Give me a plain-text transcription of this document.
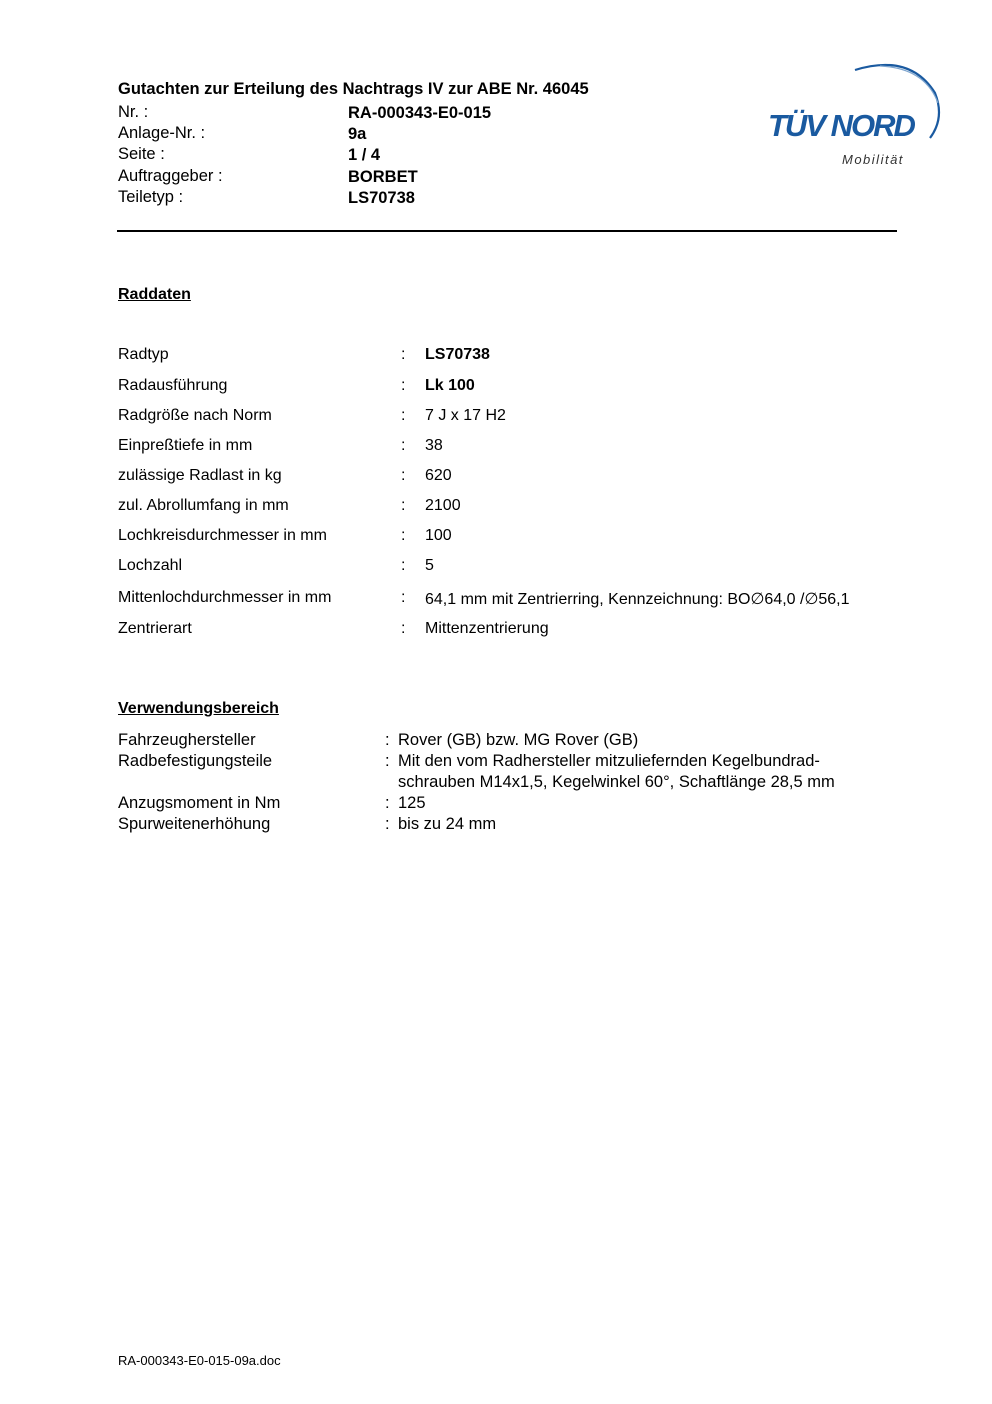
Gutachten zur Erteilung des Nachtrags IV zur ABE Nr. 46045
Nr. :	RA-000343-E0-015
Anlage-Nr. :	9a
Seite :	1 / 4
Auftraggeber :	BORBET
Teiletyp :	LS70738
TÜV NORD
Mobilität
Raddaten
Radtyp	: LS70738
Radausführung	: Lk 100
Radgröße nach Norm	: 7 J x 17 H2
Einpreßtiefe in mm	: 38
zulässige Radlast in kg	: 620
zul. Abrollumfang in mm	: 2100
Lochkreisdurchmesser in mm	: 100
Lochzahl	: 5
Mittenlochdurchmesser in mm	: 64,1 mm mit Zentrierring, Kennzeichnung: BO∅64,0 /∅56,1
Zentrierart	: Mittenzentrierung
Verwendungsbereich
Fahrzeughersteller	: Rover (GB) bzw. MG Rover (GB)
Radbefestigungsteile	: Mit den vom Radhersteller mitzuliefernden Kegelbundrad-
schrauben M14x1,5, Kegelwinkel 60°, Schaftlänge 28,5 mm
Anzugsmoment in Nm	: 125
Spurweitenerhöhung	: bis zu 24 mm
RA-000343-E0-015-09a.doc
